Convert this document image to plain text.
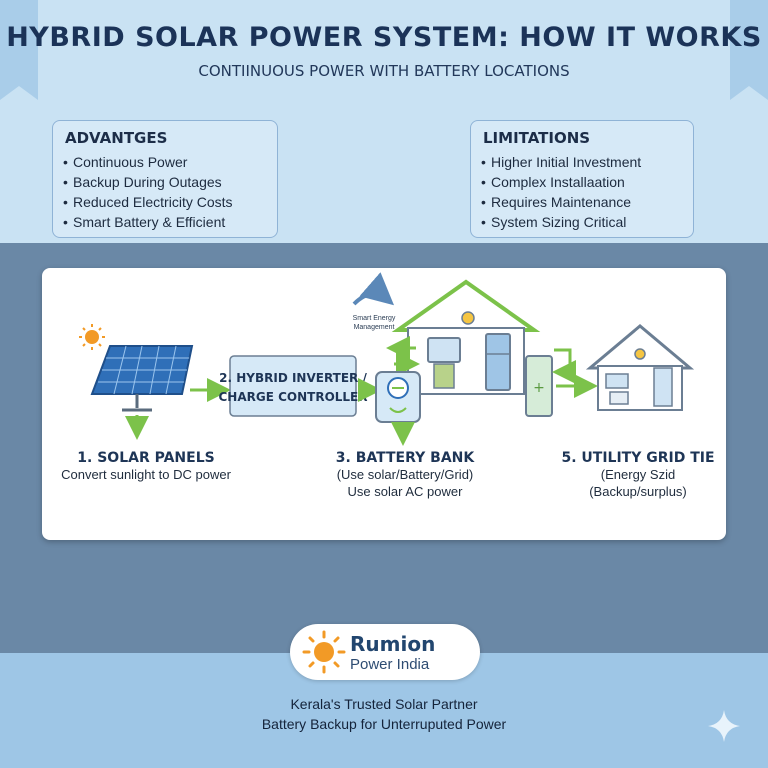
HYBRID SOLAR POWER SYSTEM: HOW IT WORKS
CONTIINUOUS POWER WITH BATTERY LOCATIONS
ADVANTGES
• Continuous Power
• Backup During Outages
• Reduced Electricity Costs
• Smart Battery & Efficient
LIMITATIONS
• Higher Initial Investment
• Complex Installaation
• Requires Maintenance
• System Sizing Critical
2. HYBRID INVERTER /
CHARGE CONTROLLER
Smart Energy
Management
+
1. SOLAR PANELS
Convert sunlight to DC power
3. BATTERY BANK
(Use solar/Battery/Grid)
Use solar AC power
5. UTILITY GRID TIE
(Energy Szid
(Backup/surplus)
Rumion
Power India
Kerala's Trusted Solar Partner
Battery Backup for Unterruputed Power
